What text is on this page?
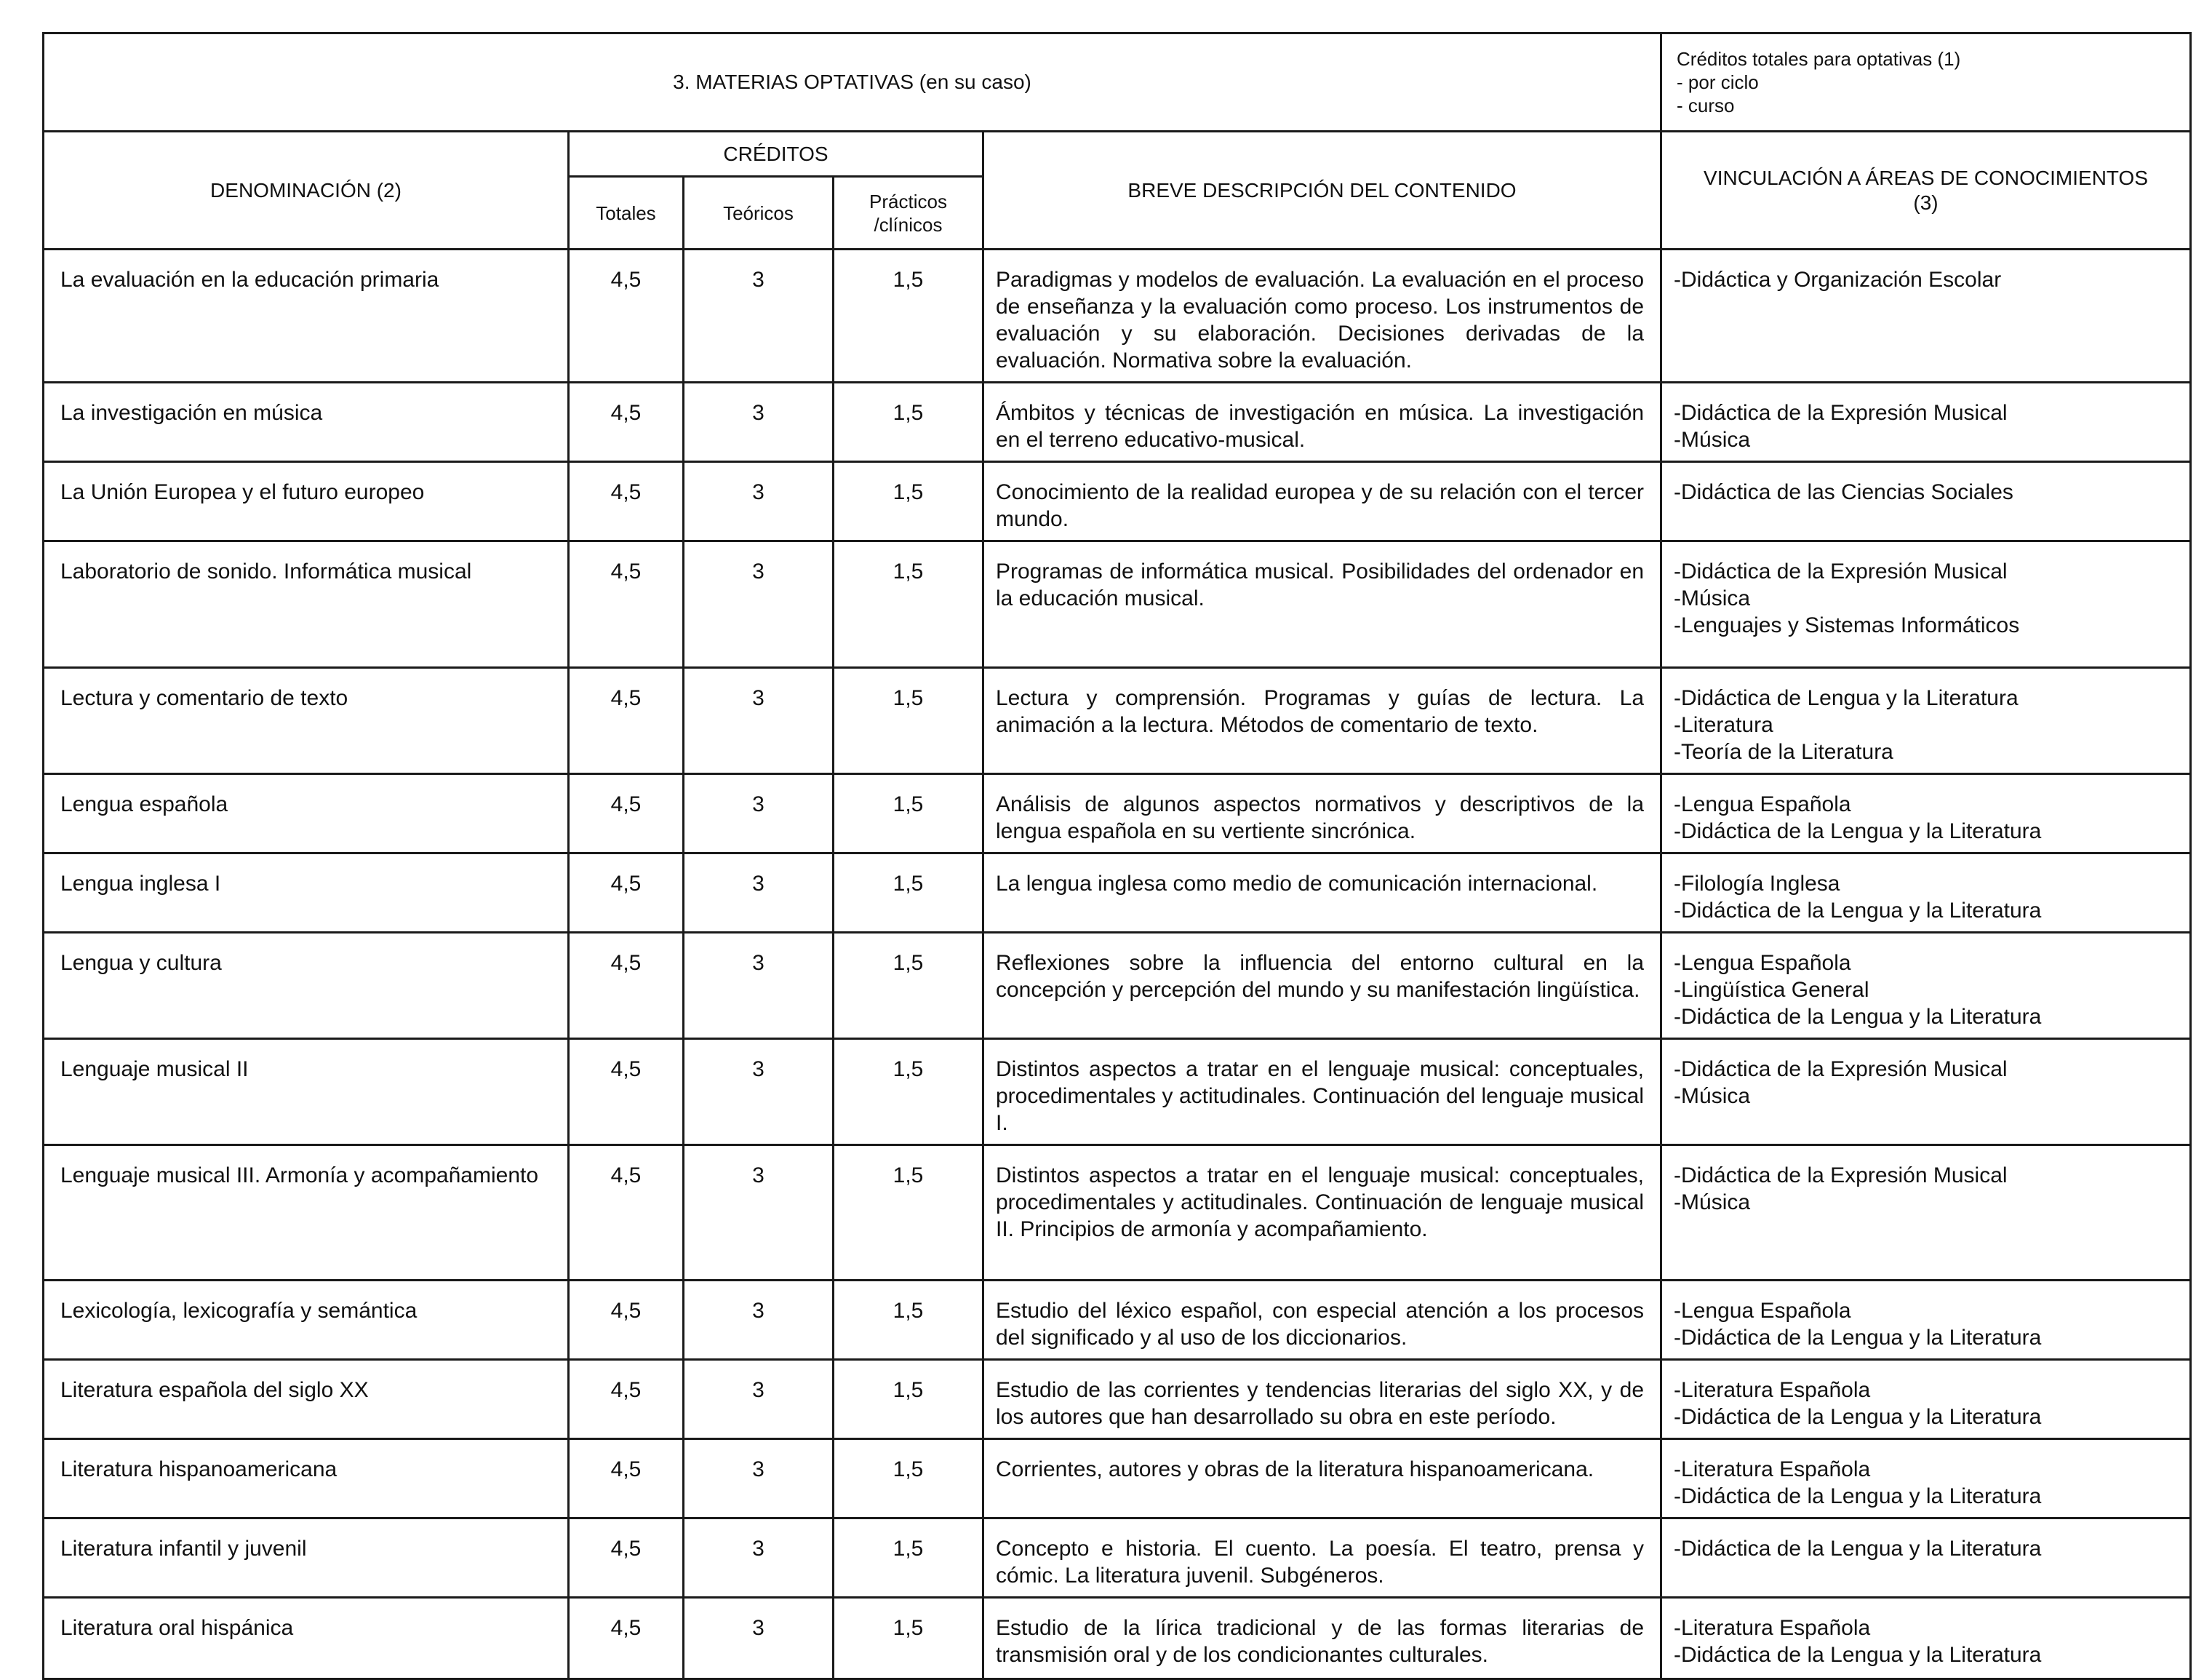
3. MATERIAS OPTATIVAS (en su caso)					Créditos totales para optativas (1)
- por ciclo
- curso

DENOMINACIÓN (2)	CRÉDITOS			BREVE DESCRIPCIÓN DEL CONTENIDO	VINCULACIÓN A ÁREAS DE CONOCIMIENTOS
(3)

	Totales	Teóricos	Prácticos
/clínicos		

La evaluación en la educación primaria	4,5	3	1,5	Paradigmas y modelos de evaluación. La evaluación en el proceso de enseñanza y la evaluación como proceso. Los instrumentos de evaluación y su elaboración. Decisiones derivadas de la evaluación. Normativa sobre la evaluación.	-Didáctica y Organización Escolar

La investigación en música	4,5	3	1,5	Ámbitos y técnicas de investigación en música. La investigación en el terreno educativo-musical.	-Didáctica de la Expresión Musical
-Música

La Unión Europea y el futuro europeo	4,5	3	1,5	Conocimiento de la realidad europea y de su relación con el tercer mundo.	-Didáctica de las Ciencias Sociales

Laboratorio de sonido. Informática musical	4,5	3	1,5	Programas de informática musical. Posibilidades del ordenador en la educación musical.	-Didáctica de la Expresión Musical
-Música
-Lenguajes y Sistemas Informáticos

Lectura y comentario de texto	4,5	3	1,5	Lectura y comprensión. Programas y guías de lectura. La animación a la lectura. Métodos de comentario de texto.	-Didáctica de Lengua y la Literatura
-Literatura
-Teoría de la Literatura

Lengua española	4,5	3	1,5	Análisis de algunos aspectos normativos y descriptivos de la lengua española en su vertiente sincrónica.	-Lengua Española
-Didáctica de la Lengua y la Literatura

Lengua inglesa I	4,5	3	1,5	La lengua inglesa como medio de comunicación internacional.	-Filología Inglesa
-Didáctica de la Lengua y la Literatura

Lengua y cultura	4,5	3	1,5	Reflexiones sobre la influencia del entorno cultural en la concepción y percepción del mundo y su manifestación lingüística.	-Lengua Española
-Lingüística General
-Didáctica de la Lengua y la Literatura

Lenguaje musical II	4,5	3	1,5	Distintos aspectos a tratar en el lenguaje musical: conceptuales, procedimentales y actitudinales. Continuación del lenguaje musical I.	-Didáctica de la Expresión Musical
-Música

Lenguaje musical III. Armonía y acompañamiento	4,5	3	1,5	Distintos aspectos a tratar en el lenguaje musical: conceptuales, procedimentales y actitudinales. Continuación de lenguaje musical II. Principios de armonía y acompañamiento.	-Didáctica de la Expresión Musical
-Música

Lexicología, lexicografía y semántica	4,5	3	1,5	Estudio del léxico español, con especial atención a los procesos del significado y al uso de los diccionarios.	-Lengua Española
-Didáctica de la Lengua y la Literatura

Literatura española del siglo XX	4,5	3	1,5	Estudio de las corrientes y tendencias literarias del siglo XX, y de los autores que han desarrollado su obra en este período.	-Literatura Española
-Didáctica de la Lengua y la Literatura

Literatura hispanoamericana	4,5	3	1,5	Corrientes, autores y obras de la literatura hispanoamericana.	-Literatura Española
-Didáctica de la Lengua y la Literatura

Literatura infantil y juvenil	4,5	3	1,5	Concepto e historia. El cuento. La poesía. El teatro, prensa y cómic. La literatura juvenil. Subgéneros.	-Didáctica de la Lengua y la Literatura

Literatura oral hispánica	4,5	3	1,5	Estudio de la lírica tradicional y de las formas literarias de transmisión oral y de los condicionantes culturales.	-Literatura Española
-Didáctica de la Lengua y la Literatura
